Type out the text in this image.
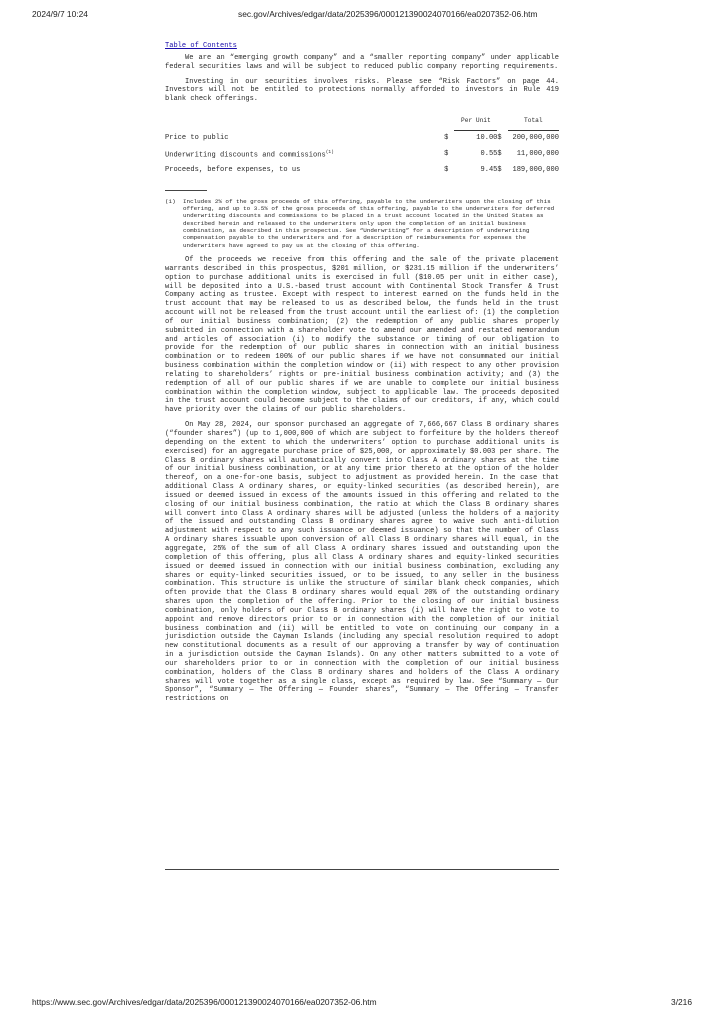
2024/9/7 10:24	sec.gov/Archives/edgar/data/2025396/000121390024070166/ea0207352-06.htm
Table of Contents

We are an “emerging growth company” and a “smaller reporting company” under applicable federal securities laws and will be subject to reduced public company reporting requirements.

Investing in our securities involves risks. Please see “Risk Factors” on page 44. Investors will not be entitled to protections normally afforded to investors in Rule 419 blank check offerings.

		Per Unit		Total
Price to public	$	10.00	$	200,000,000
Underwriting discounts and commissions$^{(1)}$	$	0.55	$	11,000,000
Proceeds, before expenses, to us	$	9.45	$	189,000,000
(1)	Includes 2% of the gross proceeds of this offering, payable to the underwriters upon the closing of this offering, and up to 3.5% of the gross proceeds of this offering, payable to the underwriters for deferred underwriting discounts and commissions to be placed in a trust account located in the United States as described herein and released to the underwriters only upon the completion of an initial business combination, as described in this prospectus. See “Underwriting” for a description of underwriting compensation payable to the underwriters and for a description of reimbursements for expenses the underwriters have agreed to pay us at the closing of this offering.

Of the proceeds we receive from this offering and the sale of the private placement warrants described in this prospectus, $201 million, or $231.15 million if the underwriters’ option to purchase additional units is exercised in full ($10.05 per unit in either case), will be deposited into a U.S.-based trust account with Continental Stock Transfer & Trust Company acting as trustee. Except with respect to interest earned on the funds held in the trust account that may be released to us as described below, the funds held in the trust account will not be released from the trust account until the earliest of: (1) the completion of our initial business combination; (2) the redemption of any public shares properly submitted in connection with a shareholder vote to amend our amended and restated memorandum and articles of association (i) to modify the substance or timing of our obligation to provide for the redemption of our public shares in connection with an initial business combination or to redeem 100% of our public shares if we have not consummated our initial business combination within the completion window or (ii) with respect to any other provision relating to shareholders’ rights or pre-initial business combination activity; and (3) the redemption of all of our public shares if we are unable to complete our initial business combination within the completion window, subject to applicable law. The proceeds deposited in the trust account could become subject to the claims of our creditors, if any, which could have priority over the claims of our public shareholders.

On May 28, 2024, our sponsor purchased an aggregate of 7,666,667 Class B ordinary shares (“founder shares”) (up to 1,000,000 of which are subject to forfeiture by the holders thereof depending on the extent to which the underwriters’ option to purchase additional units is exercised) for an aggregate purchase price of $25,000, or approximately $0.003 per share. The Class B ordinary shares will automatically convert into Class A ordinary shares at the time of our initial business combination, or at any time prior thereto at the option of the holder thereof, on a one-for-one basis, subject to adjustment as provided herein. In the case that additional Class A ordinary shares, or equity-linked securities (as described herein), are issued or deemed issued in excess of the amounts issued in this offering and related to the closing of our initial business combination, the ratio at which the Class B ordinary shares will convert into Class A ordinary shares will be adjusted (unless the holders of a majority of the issued and outstanding Class B ordinary shares agree to waive such anti-dilution adjustment with respect to any such issuance or deemed issuance) so that the number of Class A ordinary shares issuable upon conversion of all Class B ordinary shares will equal, in the aggregate, 25% of the sum of all Class A ordinary shares issued and outstanding upon the completion of this offering, plus all Class A ordinary shares and equity-linked securities issued or deemed issued in connection with our initial business combination, excluding any shares or equity-linked securities issued, or to be issued, to any seller in the business combination. This structure is unlike the structure of similar blank check companies, which often provide that the Class B ordinary shares would equal 20% of the outstanding ordinary shares upon the completion of the offering. Prior to the closing of our initial business combination, only holders of our Class B ordinary shares (i) will have the right to vote to appoint and remove directors prior to or in connection with the completion of our initial business combination and (ii) will be entitled to vote on continuing our company in a jurisdiction outside the Cayman Islands (including any special resolution required to adopt new constitutional documents as a result of our approving a transfer by way of continuation in a jurisdiction outside the Cayman Islands). On any other matters submitted to a vote of our shareholders prior to or in connection with the completion of our initial business combination, holders of the Class B ordinary shares and holders of the Class A ordinary shares will vote together as a single class, except as required by law. See “Summary — Our Sponsor”, “Summary — The Offering — Founder shares”, “Summary — The Offering — Transfer restrictions on

https://www.sec.gov/Archives/edgar/data/2025396/000121390024070166/ea0207352-06.htm	3/216
